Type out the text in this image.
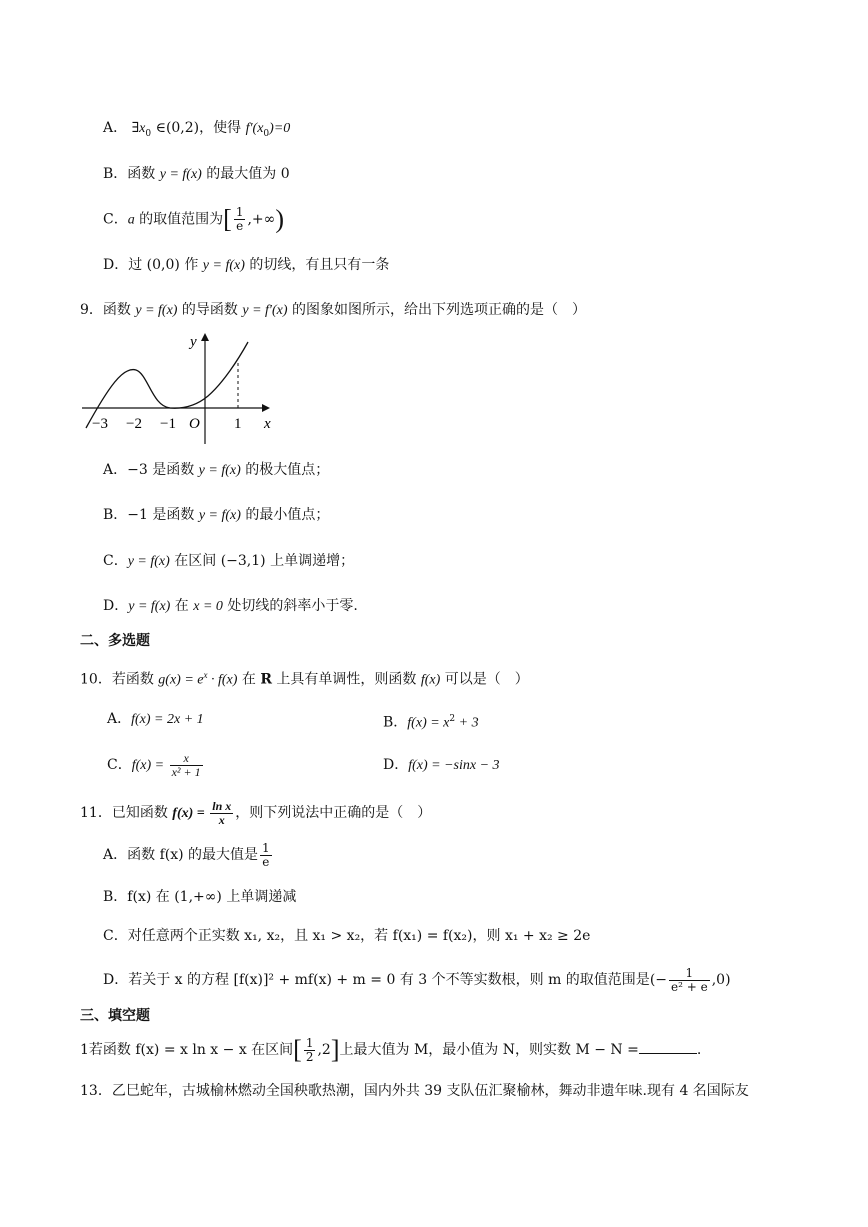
A． $\exists x_0$ ∈(0,2)，使得 $f'(x_0)=0$
B．函数 y = f(x) 的最大值为 0
C．a 的取值范围为[ $\frac{1}{e}$ ,+∞)
D．过 (0,0) 作 y = f(x) 的切线，有且只有一条
9．函数 y = f(x) 的导函数 y = f′(x) 的图象如图所示，给出下列选项正确的是（　）
y
x
O
−3 −2 −1	1
A．−3 是函数 y = f(x) 的极大值点；
B．−1 是函数 y = f(x) 的最小值点；
C．y = f(x) 在区间 (−3,1) 上单调递增；
D．y = f(x) 在 x = 0 处切线的斜率小于零.
二、多选题
10．若函数 $g(x) = e^x \cdot f(x)$ 在 R 上具有单调性，则函数 f(x) 可以是（　）
A．f(x) = 2x + 1	B．$f(x) = x^2 + 3$
C．$f(x) = \frac{x}{\text{x² + 1}}$	D．f(x) = −sinx − 3
11．已知函数 $f(x) = \frac{\text{ln x}}{x}$ ，则下列说法中正确的是（　）
A．函数 f(x) 的最大值是 $\frac{1}{e}$
B．f(x) 在 (1,+∞) 上单调递减
C．对任意两个正实数 x₁, x₂，且 x₁ > x₂，若 f(x₁) = f(x₂)，则 x₁ + x₂ ≥ 2e
D．若关于 x 的方程 [f(x)]² + mf(x) + m = 0 有 3 个不等实数根，则 m 的取值范围是(− $\frac{1}{\text{e² + e}} ,0$)
三、填空题
1若函数 f(x) = x ln x − x 在区间[ $\frac{1}{2} ,2$]上最大值为 M，最小值为 N，则实数 M − N =	.
13．乙巳蛇年，古城榆林燃动全国秧歌热潮，国内外共 39 支队伍汇聚榆林，舞动非遗年味.现有 4 名国际友
